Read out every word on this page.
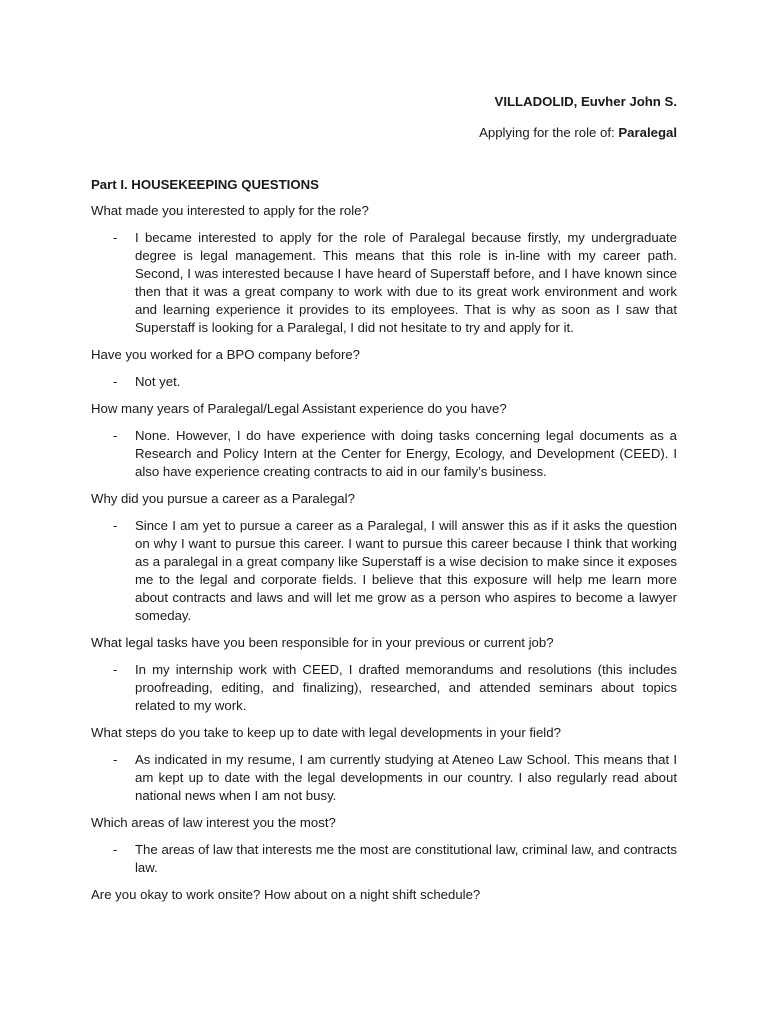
VILLADOLID, Euvher John S.
Applying for the role of: Paralegal
Part I. HOUSEKEEPING QUESTIONS
What made you interested to apply for the role?
-	I became interested to apply for the role of Paralegal because firstly, my undergraduate degree is legal management. This means that this role is in-line with my career path. Second, I was interested because I have heard of Superstaff before, and I have known since then that it was a great company to work with due to its great work environment and work and learning experience it provides to its employees. That is why as soon as I saw that Superstaff is looking for a Paralegal, I did not hesitate to try and apply for it.
Have you worked for a BPO company before?
-	Not yet.
How many years of Paralegal/Legal Assistant experience do you have?
-	None. However, I do have experience with doing tasks concerning legal documents as a Research and Policy Intern at the Center for Energy, Ecology, and Development (CEED). I also have experience creating contracts to aid in our family’s business.
Why did you pursue a career as a Paralegal?
-	Since I am yet to pursue a career as a Paralegal, I will answer this as if it asks the question on why I want to pursue this career. I want to pursue this career because I think that working as a paralegal in a great company like Superstaff is a wise decision to make since it exposes me to the legal and corporate fields. I believe that this exposure will help me learn more about contracts and laws and will let me grow as a person who aspires to become a lawyer someday.
What legal tasks have you been responsible for in your previous or current job?
-	In my internship work with CEED, I drafted memorandums and resolutions (this includes proofreading, editing, and finalizing), researched, and attended seminars about topics related to my work.
What steps do you take to keep up to date with legal developments in your field?
-	As indicated in my resume, I am currently studying at Ateneo Law School. This means that I am kept up to date with the legal developments in our country. I also regularly read about national news when I am not busy.
Which areas of law interest you the most?
-	The areas of law that interests me the most are constitutional law, criminal law, and contracts law.
Are you okay to work onsite? How about on a night shift schedule?
